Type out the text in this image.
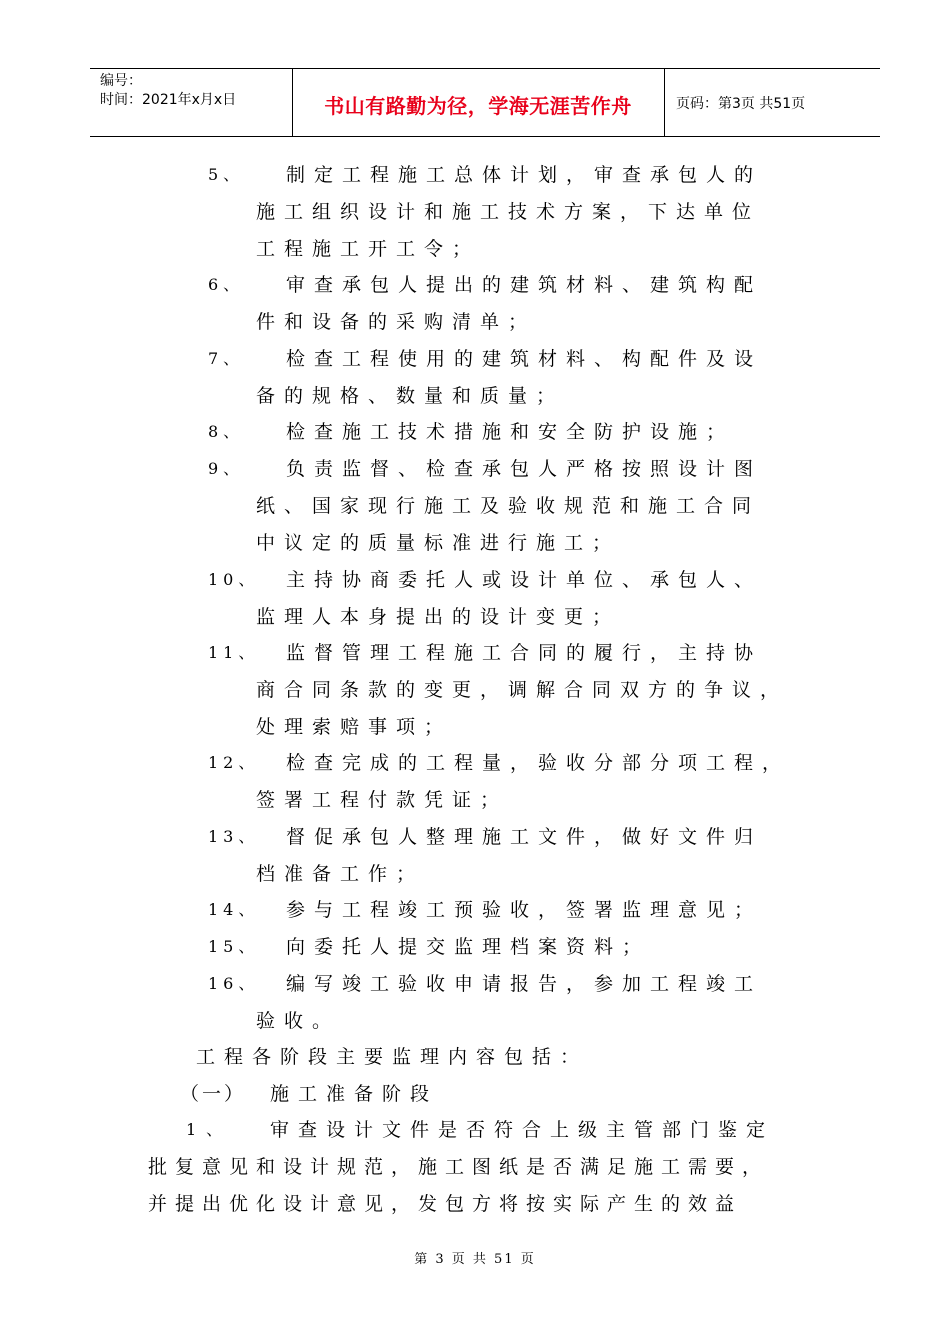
编号：
时间：2021年x月x日	书山有路勤为径，学海无涯苦作舟	页码：第3页 共51页
5、 制定工程施工总体计划，审查承包人的
施工组织设计和施工技术方案，下达单位
工程施工开工令；
6、 审查承包人提出的建筑材料、建筑构配
件和设备的采购清单；
7、 检查工程使用的建筑材料、构配件及设
备的规格、数量和质量；
8、 检查施工技术措施和安全防护设施；
9、 负责监督、检查承包人严格按照设计图
纸、国家现行施工及验收规范和施工合同
中议定的质量标准进行施工；
10、 主持协商委托人或设计单位、承包人、
监理人本身提出的设计变更；
11、 监督管理工程施工合同的履行，主持协
商合同条款的变更，调解合同双方的争议，
处理索赔事项；
12、 检查完成的工程量，验收分部分项工程，
签署工程付款凭证；
13、 督促承包人整理施工文件，做好文件归
档准备工作；
14、 参与工程竣工预验收，签署监理意见；
15、 向委托人提交监理档案资料；
16、 编写竣工验收申请报告，参加工程竣工
验收。
工程各阶段主要监理内容包括：
（一） 施工准备阶段
1、 审查设计文件是否符合上级主管部门鉴定
批复意见和设计规范，施工图纸是否满足施工需要，
并提出优化设计意见，发包方将按实际产生的效益
第 3 页 共 51 页
